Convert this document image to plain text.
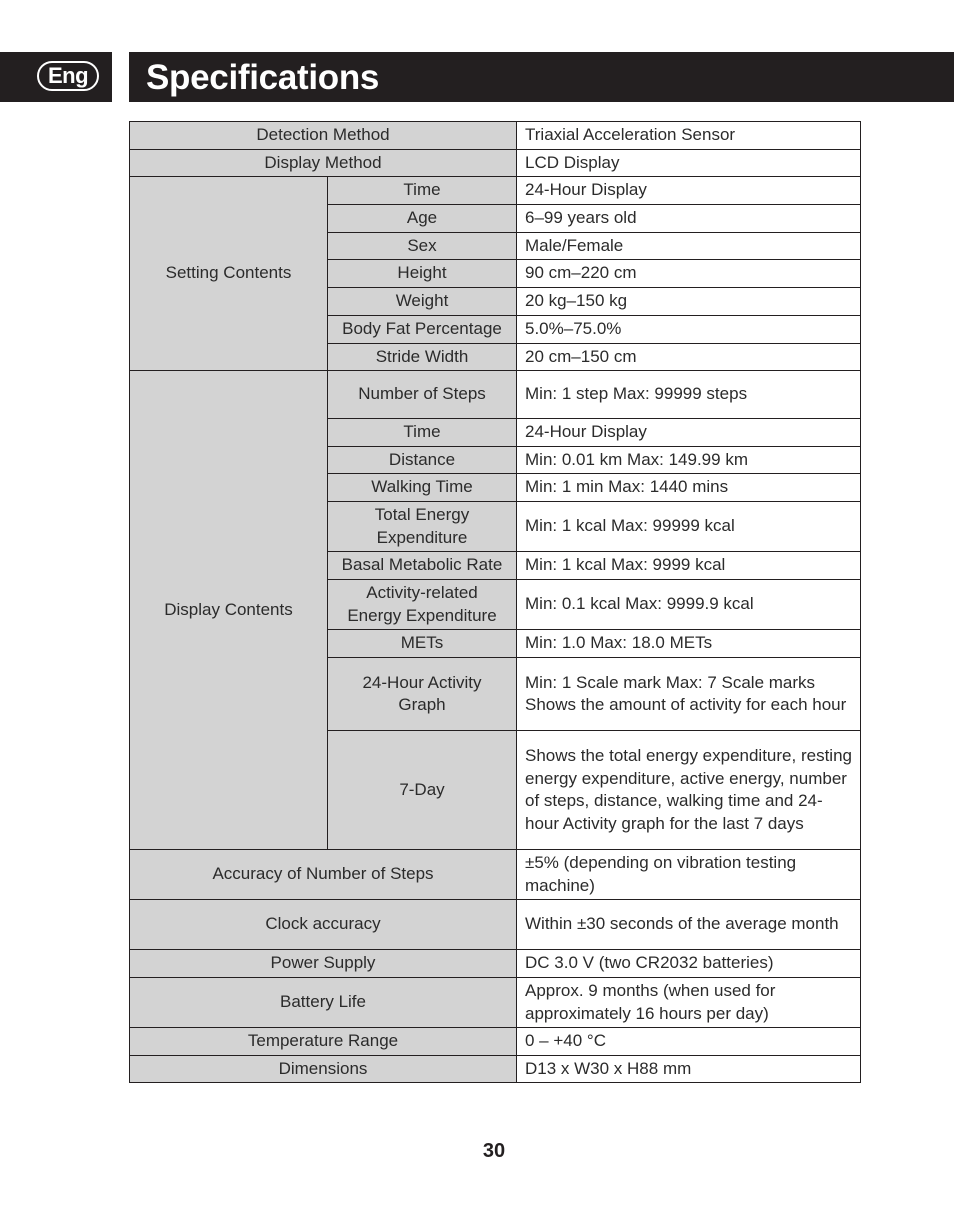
Eng	Specifications
Detection Method		Triaxial Acceleration Sensor
Display Method		LCD Display
Setting Contents	Time	24-Hour Display
	Age	6–99 years old
	Sex	Male/Female
	Height	90 cm–220 cm
	Weight	20 kg–150 kg
	Body Fat Percentage	5.0%–75.0%
	Stride Width	20 cm–150 cm
Display Contents	Number of Steps	Min: 1 step Max: 99999 steps
	Time	24-Hour Display
	Distance	Min: 0.01 km Max: 149.99 km
	Walking Time	Min: 1 min Max: 1440 mins
	Total Energy Expenditure	Min: 1 kcal Max: 99999 kcal
	Basal Metabolic Rate	Min: 1 kcal Max: 9999 kcal
	Activity-related Energy Expenditure	Min: 0.1 kcal Max: 9999.9 kcal
	METs	Min: 1.0 Max: 18.0 METs
	24-Hour Activity Graph	Min: 1 Scale mark Max: 7 Scale marks Shows the amount of activity for each hour
	7-Day	Shows the total energy expenditure, resting energy expenditure, active energy, number of steps, distance, walking time and 24-hour Activity graph for the last 7 days
Accuracy of Number of Steps		±5% (depending on vibration testing machine)
Clock accuracy		Within ±30 seconds of the average month
Power Supply		DC 3.0 V (two CR2032 batteries)
Battery Life		Approx. 9 months (when used for approximately 16 hours per day)
Temperature Range		0 – +40 °C
Dimensions		D13 x W30 x H88 mm
30
